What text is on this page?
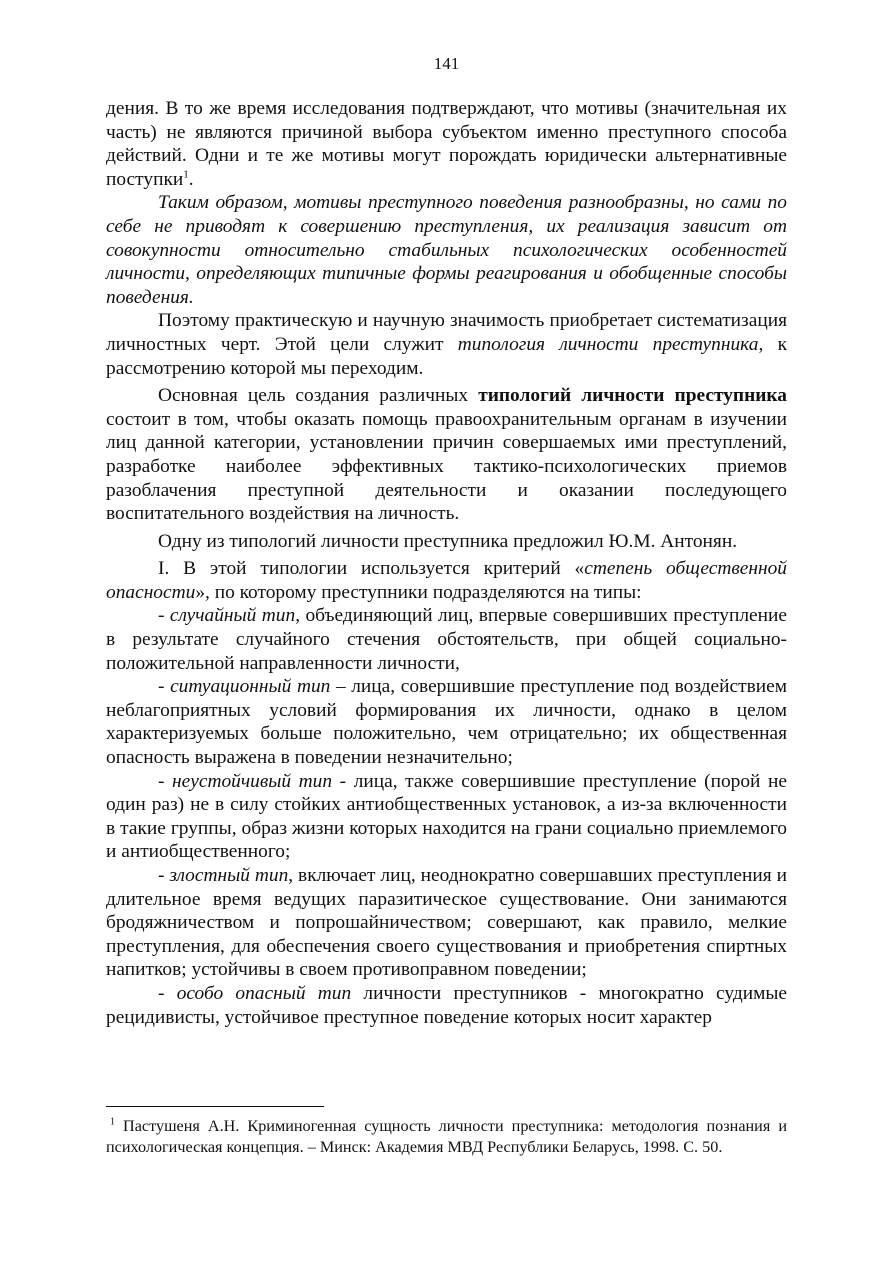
141

дения. В то же время исследования подтверждают, что мотивы (значительная их часть) не являются причиной выбора субъектом именно преступного способа действий. Одни и те же мотивы могут порождать юридически альтернативные поступки$^1$.

Таким образом, мотивы преступного поведения разнообразны, но сами по себе не приводят к совершению преступления, их реализация зависит от совокупности относительно стабильных психологических особенностей личности, определяющих типичные формы реагирования и обобщенные способы поведения.

Поэтому практическую и научную значимость приобретает систематизация личностных черт. Этой цели служит типология личности преступника, к рассмотрению которой мы переходим.

Основная цель создания различных типологий личности преступника состоит в том, чтобы оказать помощь правоохранительным органам в изучении лиц данной категории, установлении причин совершаемых ими преступлений, разработке наиболее эффективных тактико-психологических приемов разоблачения преступной деятельности и оказании последующего воспитательного воздействия на личность.

Одну из типологий личности преступника предложил Ю.М. Антонян.

I. В этой типологии используется критерий «степень общественной опасности», по которому преступники подразделяются на типы:

- случайный тип, объединяющий лиц, впервые совершивших преступление в результате случайного стечения обстоятельств, при общей социально-положительной направленности личности,

- ситуационный тип – лица, совершившие преступление под воздействием неблагоприятных условий формирования их личности, однако в целом характеризуемых больше положительно, чем отрицательно; их общественная опасность выражена в поведении незначительно;

- неустойчивый тип - лица, также совершившие преступление (порой не один раз) не в силу стойких антиобщественных установок, а из-за включенности в такие группы, образ жизни которых находится на грани социально приемлемого и антиобщественного;

- злостный тип, включает лиц, неоднократно совершавших преступления и длительное время ведущих паразитическое существование. Они занимаются бродяжничеством и попрошайничеством; совершают, как правило, мелкие преступления, для обеспечения своего существования и приобретения спиртных напитков; устойчивы в своем противоправном поведении;

- особо опасный тип личности преступников - многократно судимые рецидивисты, устойчивое преступное поведение которых носит характер

$^1$ Пастушеня А.Н. Криминогенная сущность личности преступника: методология познания и психологическая концепция. – Минск: Академия МВД Республики Беларусь, 1998. С. 50.
